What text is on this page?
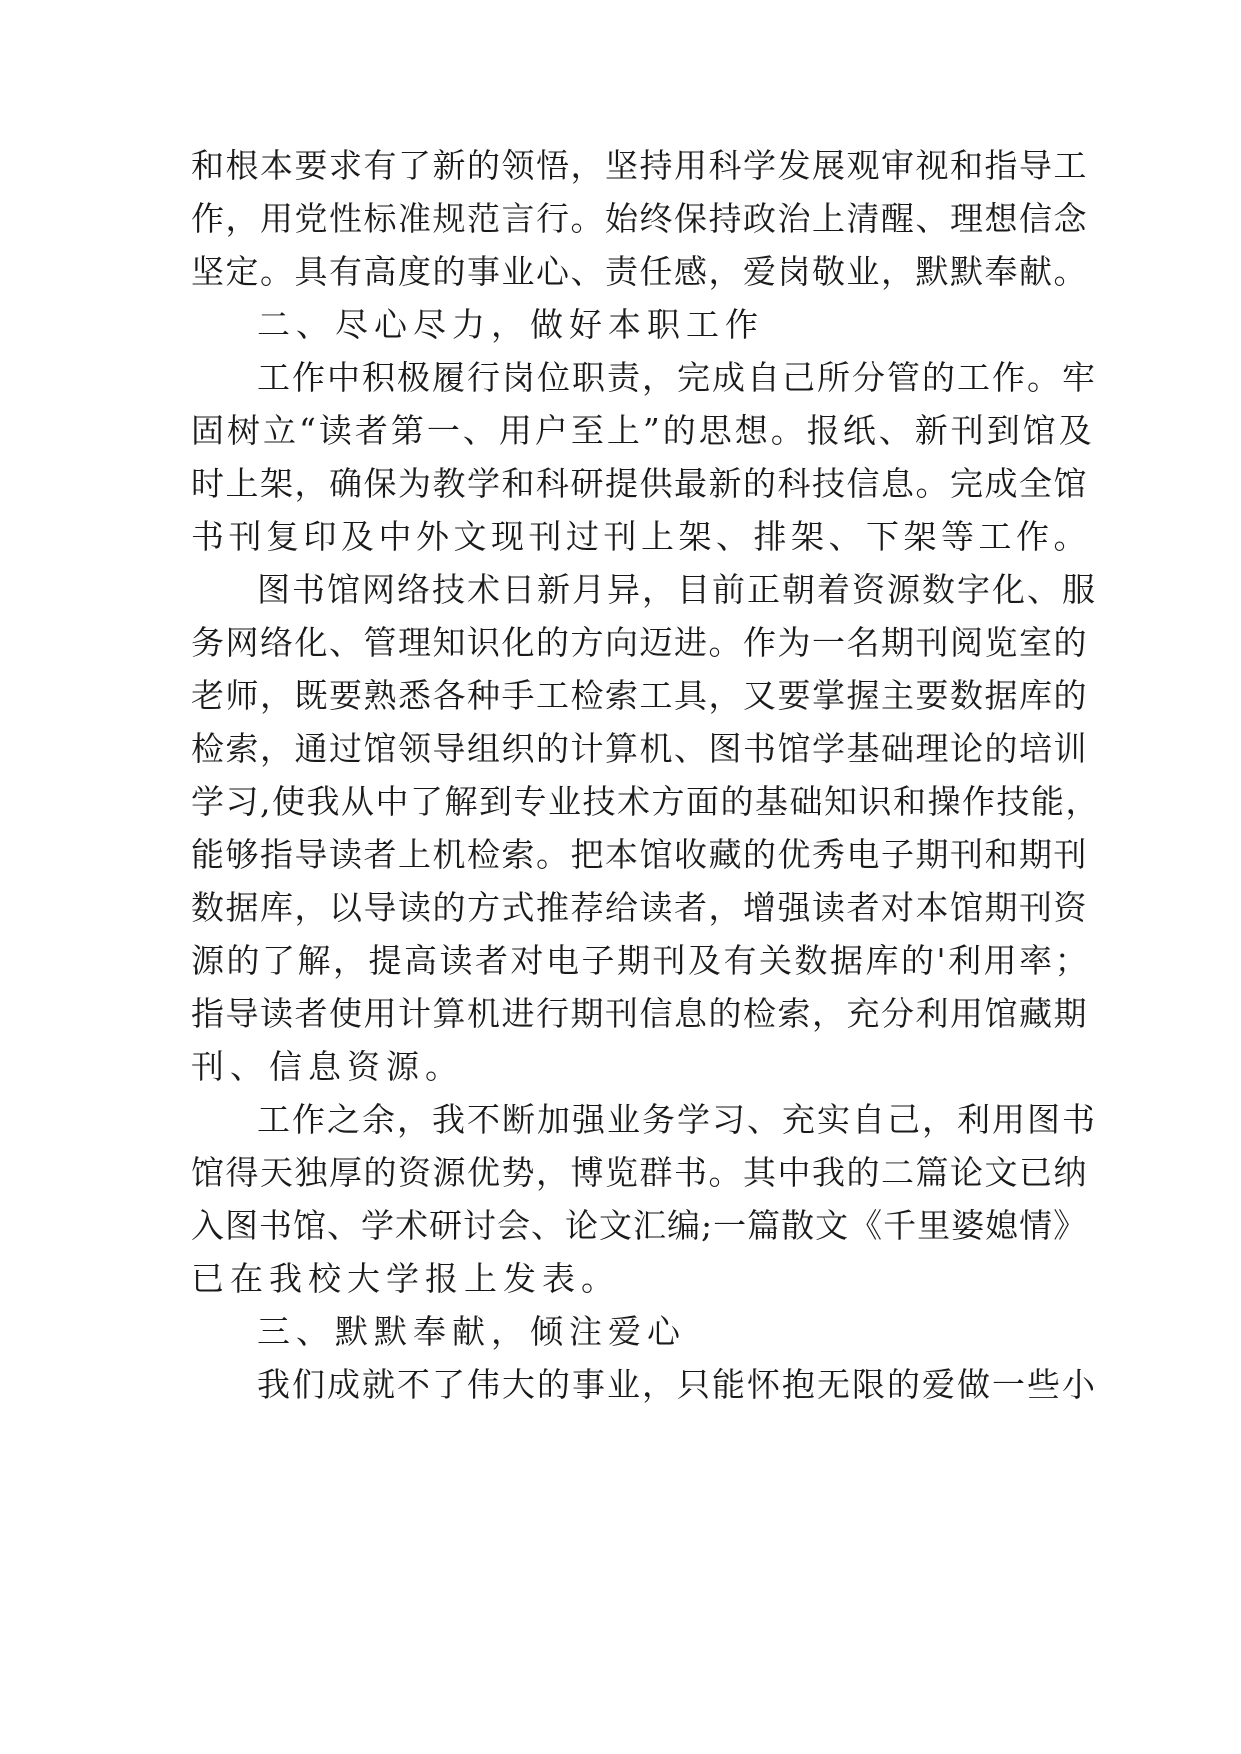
和根本要求有了新的领悟，坚持用科学发展观审视和指导工
作，用党性标准规范言行。始终保持政治上清醒、理想信念
坚定。具有高度的事业心、责任感，爱岗敬业，默默奉献。
二、尽心尽力，做好本职工作
工作中积极履行岗位职责，完成自己所分管的工作。牢
固树立“读者第一、用户至上”的思想。报纸、新刊到馆及
时上架，确保为教学和科研提供最新的科技信息。完成全馆
书刊复印及中外文现刊过刊上架、排架、下架等工作。
图书馆网络技术日新月异，目前正朝着资源数字化、服
务网络化、管理知识化的方向迈进。作为一名期刊阅览室的
老师，既要熟悉各种手工检索工具，又要掌握主要数据库的
检索，通过馆领导组织的计算机、图书馆学基础理论的培训
学习,使我从中了解到专业技术方面的基础知识和操作技能，
能够指导读者上机检索。把本馆收藏的优秀电子期刊和期刊
数据库，以导读的方式推荐给读者，增强读者对本馆期刊资
源的了解，提高读者对电子期刊及有关数据库的'利用率；
指导读者使用计算机进行期刊信息的检索，充分利用馆藏期
刊、信息资源。
工作之余，我不断加强业务学习、充实自己，利用图书
馆得天独厚的资源优势，博览群书。其中我的二篇论文已纳
入图书馆、学术研讨会、论文汇编;一篇散文《千里婆媳情》
已在我校大学报上发表。
三、默默奉献，倾注爱心
我们成就不了伟大的事业，只能怀抱无限的爱做一些小
